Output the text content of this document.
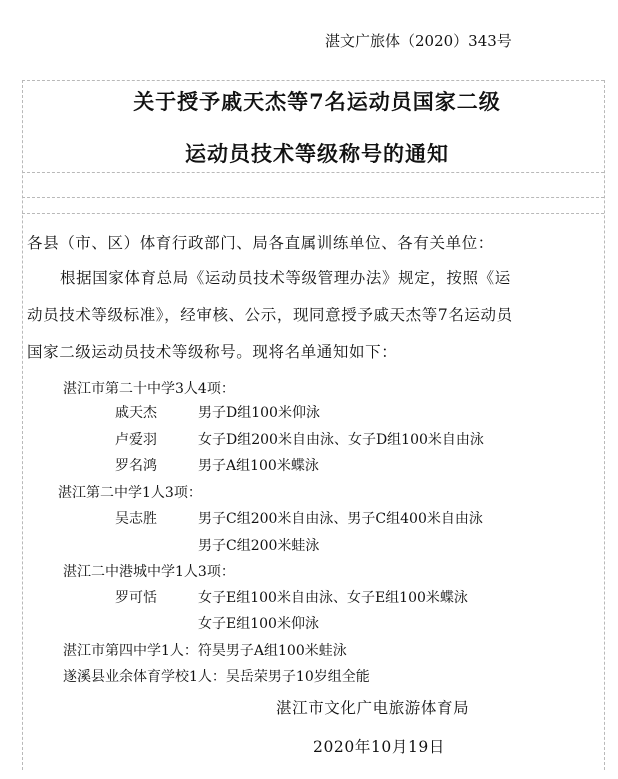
湛文广旅体（2020）343号
关于授予戚天杰等7名运动员国家二级
运动员技术等级称号的通知
各县（市、区）体育行政部门、局各直属训练单位、各有关单位：
根据国家体育总局《运动员技术等级管理办法》规定，按照《运
动员技术等级标准》，经审核、公示，现同意授予戚天杰等7名运动员
国家二级运动员技术等级称号。现将名单通知如下：
湛江市第二十中学3人4项：
戚天杰	男子D组100米仰泳
卢爱羽	女子D组200米自由泳、女子D组100米自由泳
罗名鸿	男子A组100米蝶泳
湛江第二中学1人3项：
吴志胜	男子C组200米自由泳、男子C组400米自由泳
男子C组200米蛙泳
湛江二中港城中学1人3项：
罗可恬	女子E组100米自由泳、女子E组100米蝶泳
女子E组100米仰泳
湛江市第四中学1人：符昊男子A组100米蛙泳
遂溪县业余体育学校1人：吴岳荣男子10岁组全能
湛江市文化广电旅游体育局
2020年10月19日
